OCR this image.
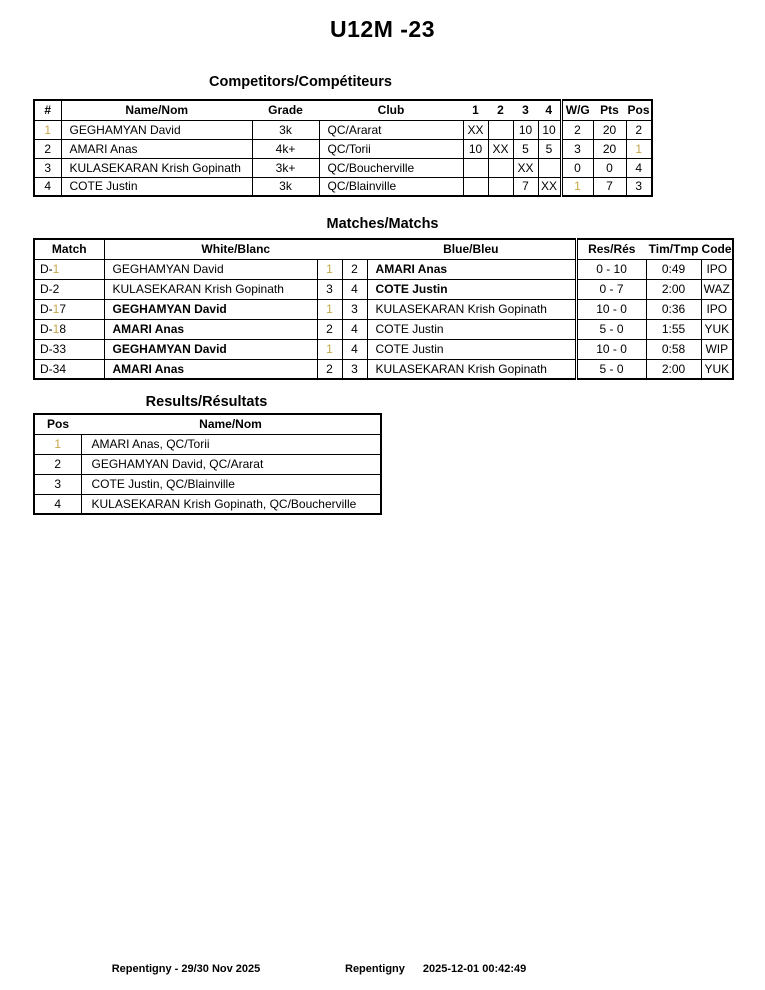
U12M -23
Competitors/Compétiteurs
#	Name/Nom	Grade	Club	1	2	3	4	W/G	Pts	Pos
1	GEGHAMYAN David	3k	QC/Ararat	XX		10	10	2	20	2
2	AMARI Anas	4k+	QC/Torii	10	XX	5	5	3	20	1
3	KULASEKARAN Krish Gopinath	3k+	QC/Boucherville			XX		0	0	4
4	COTE Justin	3k	QC/Blainville			7	XX	1	7	3
Matches/Matchs
Match	White/Blanc			Blue/Bleu	Res/Rés	Tim/Tmp	Code
D-1	GEGHAMYAN David	1	2	AMARI Anas	0 - 10	0:49	IPO
D-2	KULASEKARAN Krish Gopinath	3	4	COTE Justin	0 - 7	2:00	WAZ
D-17	GEGHAMYAN David	1	3	KULASEKARAN Krish Gopinath	10 - 0	0:36	IPO
D-18	AMARI Anas	2	4	COTE Justin	5 - 0	1:55	YUK
D-33	GEGHAMYAN David	1	4	COTE Justin	10 - 0	0:58	WIP
D-34	AMARI Anas	2	3	KULASEKARAN Krish Gopinath	5 - 0	2:00	YUK
Results/Résultats
Pos	Name/Nom
1	AMARI Anas, QC/Torii
2	GEGHAMYAN David, QC/Ararat
3	COTE Justin, QC/Blainville
4	KULASEKARAN Krish Gopinath, QC/Boucherville
Repentigny - 29/30 Nov 2025	Repentigny 2025-12-01 00:42:49
